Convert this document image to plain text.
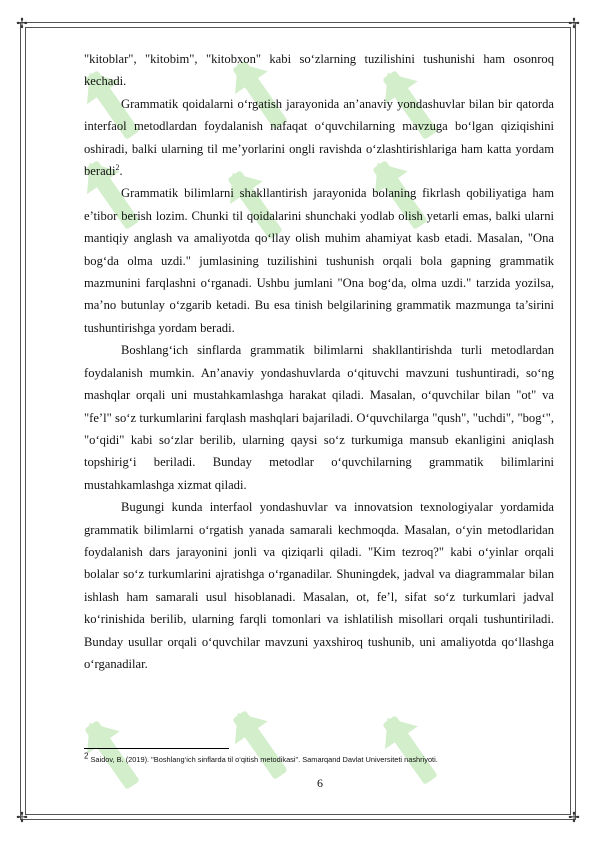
✢	✢
✢	✢

"kitoblar", "kitobim", "kitobxon" kabi so‘zlarning tuzilishini tushunishi ham osonroq kechadi.

Grammatik qoidalarni o‘rgatish jarayonida an’anaviy yondashuvlar bilan bir qatorda interfaol metodlardan foydalanish nafaqat o‘quvchilarning mavzuga bo‘lgan qiziqishini oshiradi, balki ularning til me’yorlarini ongli ravishda o‘zlashtirishlariga ham katta yordam beradi$^2$.

Grammatik bilimlarni shakllantirish jarayonida bolaning fikrlash qobiliyatiga ham e’tibor berish lozim. Chunki til qoidalarini shunchaki yodlab olish yetarli emas, balki ularni mantiqiy anglash va amaliyotda qo‘llay olish muhim ahamiyat kasb etadi. Masalan, "Ona bog‘da olma uzdi." jumlasining tuzilishini tushunish orqali bola gapning grammatik mazmunini farqlashni o‘rganadi. Ushbu jumlani "Ona bog‘da, olma uzdi." tarzida yozilsa, ma’no butunlay o‘zgarib ketadi. Bu esa tinish belgilarining grammatik mazmunga ta’sirini tushuntirishga yordam beradi.

Boshlang‘ich sinflarda grammatik bilimlarni shakllantirishda turli metodlardan foydalanish mumkin. An’anaviy yondashuvlarda o‘qituvchi mavzuni tushuntiradi, so‘ng mashqlar orqali uni mustahkamlashga harakat qiladi. Masalan, o‘quvchilar bilan "ot" va "fe’l" so‘z turkumlarini farqlash mashqlari bajariladi. O‘quvchilarga "qush", "uchdi", "bog‘", "o‘qidi" kabi so‘zlar berilib, ularning qaysi so‘z turkumiga mansub ekanligini aniqlash topshirig‘i beriladi. Bunday metodlar o‘quvchilarning grammatik bilimlarini mustahkamlashga xizmat qiladi.

Bugungi kunda interfaol yondashuvlar va innovatsion texnologiyalar yordamida grammatik bilimlarni o‘rgatish yanada samarali kechmoqda. Masalan, o‘yin metodlaridan foydalanish dars jarayonini jonli va qiziqarli qiladi. "Kim tezroq?" kabi o‘yinlar orqali bolalar so‘z turkumlarini ajratishga o‘rganadilar. Shuningdek, jadval va diagrammalar bilan ishlash ham samarali usul hisoblanadi. Masalan, ot, fe’l, sifat so‘z turkumlari jadval ko‘rinishida berilib, ularning farqli tomonlari va ishlatilish misollari orqali tushuntiriladi. Bunday usullar orqali o‘quvchilar mavzuni yaxshiroq tushunib, uni amaliyotda qo‘llashga o‘rganadilar.

$^2$ Saidov, B. (2019). "Boshlang‘ich sinflarda til o‘qitish metodikasi". Samarqand Davlat Universiteti nashriyoti.
6
